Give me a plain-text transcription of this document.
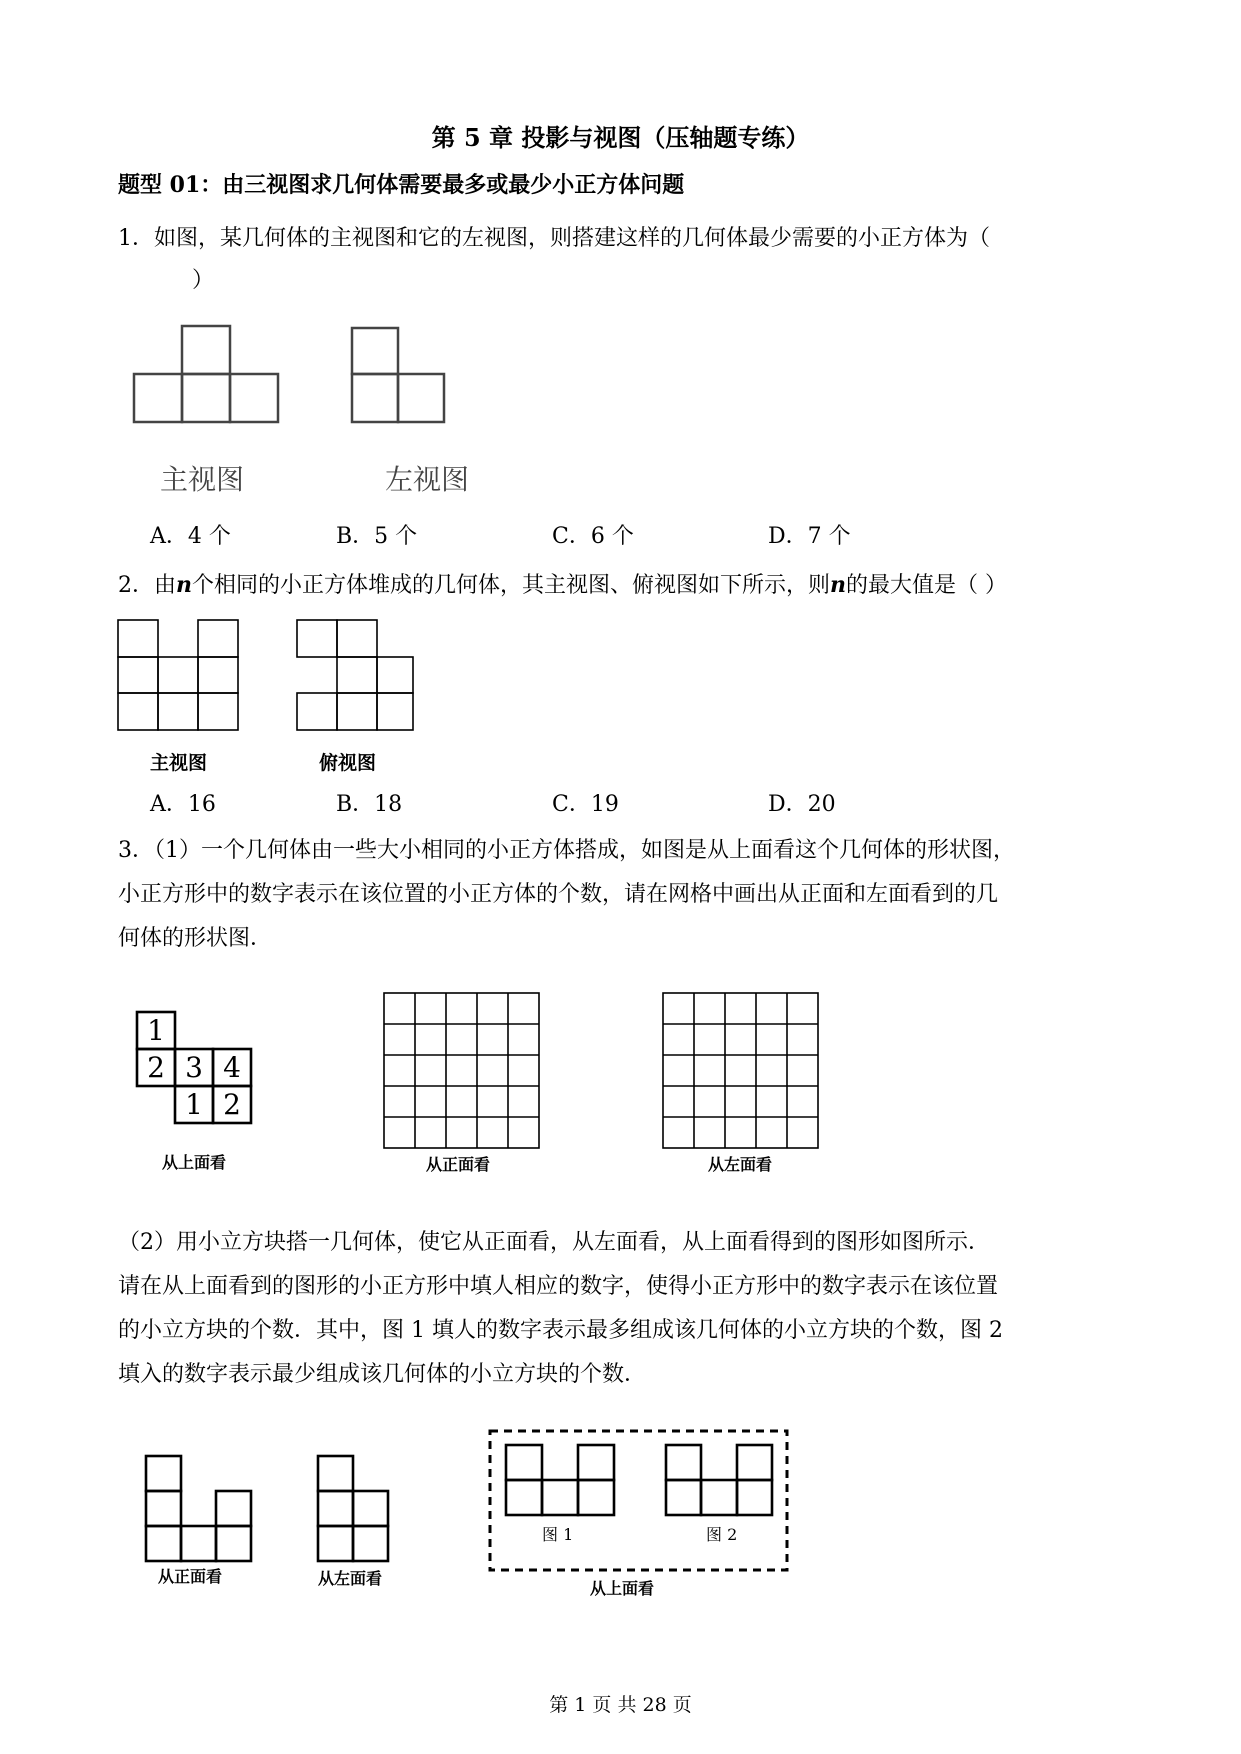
第 5 章 投影与视图（压轴题专练）
题型 01：由三视图求几何体需要最多或最少小正方体问题
1．如图，某几何体的主视图和它的左视图，则搭建这样的几何体最少需要的小正方体为（
）
主视图	左视图
A．4 个	B．5 个	C．6 个	D．7 个
2．由n个相同的小正方体堆成的几何体，其主视图、俯视图如下所示，则n的最大值是（ ）
主视图	俯视图
A．16	B．18	C．19	D．20
3．（1）一个几何体由一些大小相同的小正方体搭成，如图是从上面看这个几何体的形状图，
小正方形中的数字表示在该位置的小正方体的个数，请在网格中画出从正面和左面看到的几
何体的形状图．
1
2 3 4
1 2
从上面看	从正面看	从左面看
（2）用小立方块搭一几何体，使它从正面看，从左面看，从上面看得到的图形如图所示．
请在从上面看到的图形的小正方形中填人相应的数字，使得小正方形中的数字表示在该位置
的小立方块的个数．其中，图 1 填人的数字表示最多组成该几何体的小立方块的个数，图 2
填入的数字表示最少组成该几何体的小立方块的个数．
图 1	图 2
从正面看	从左面看
从上面看
第 1 页 共 28 页
